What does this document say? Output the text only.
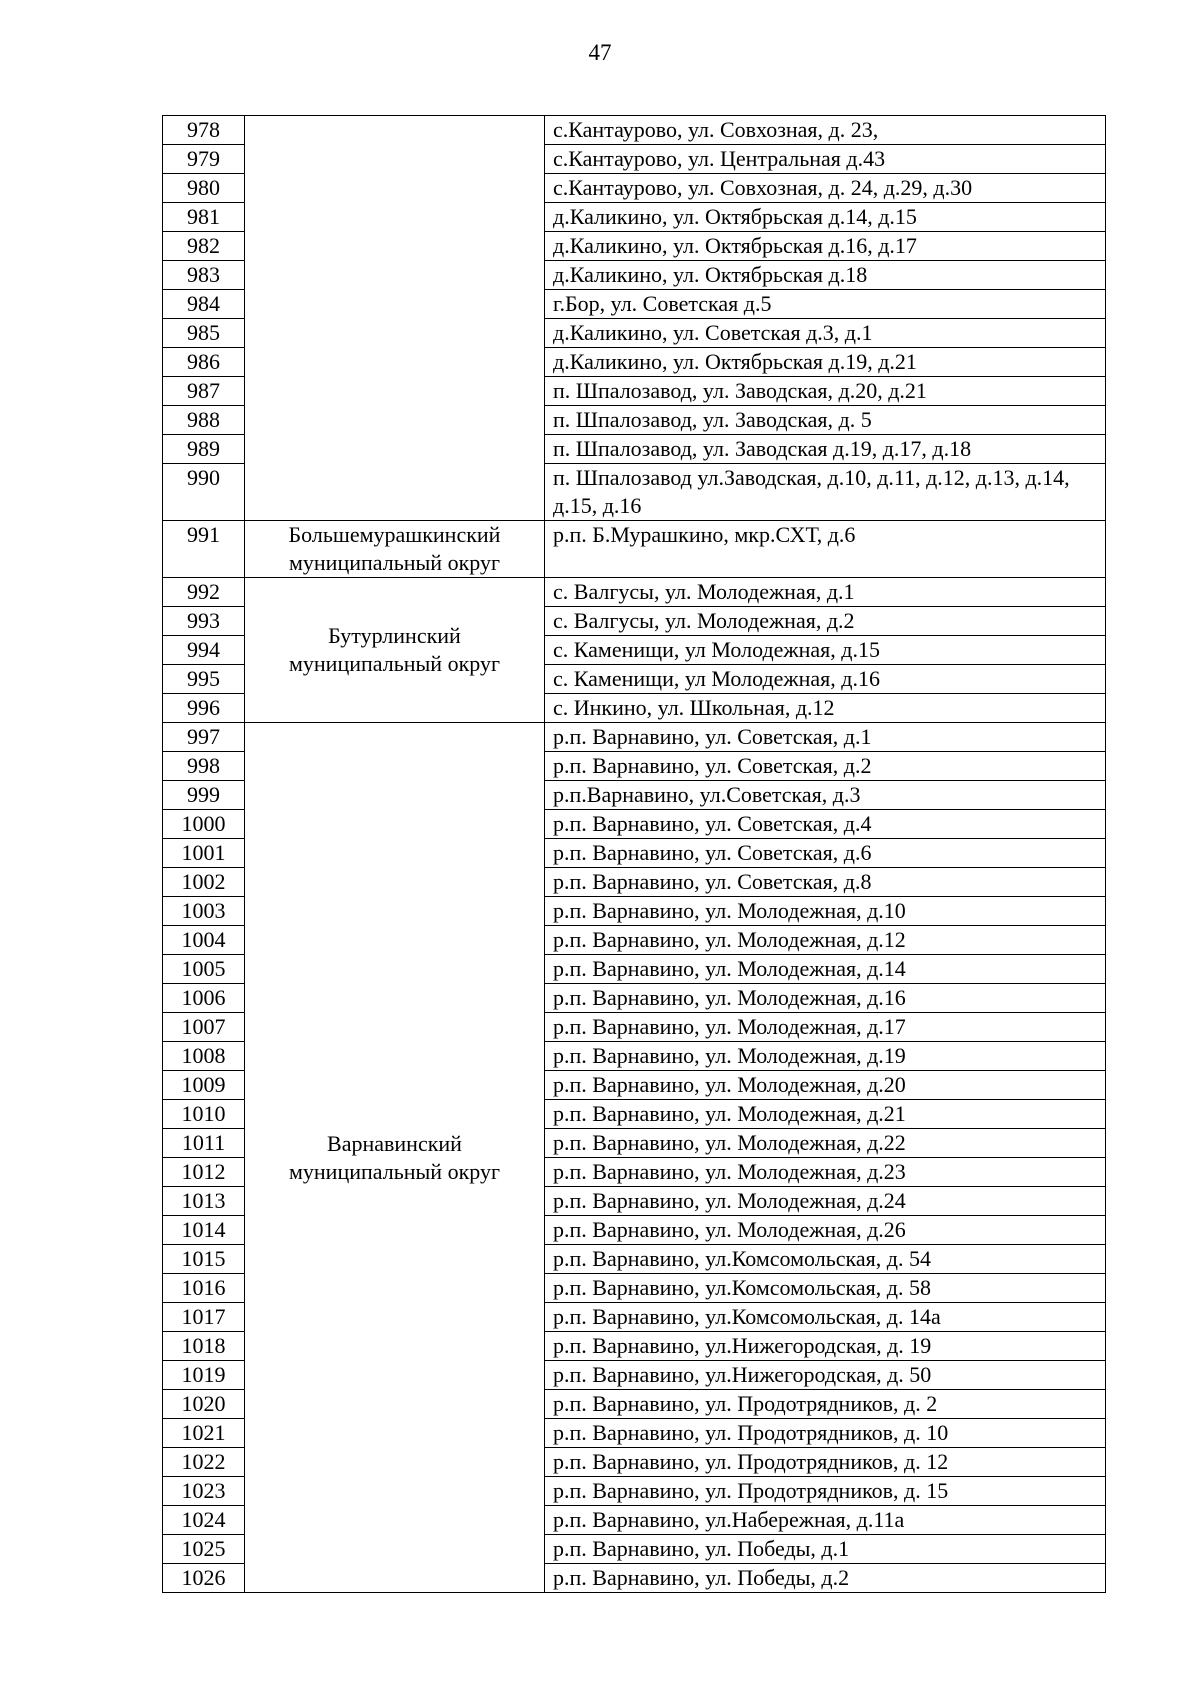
47
978		с.Кантаурово, ул. Совхозная, д. 23,
979		с.Кантаурово, ул. Центральная д.43
980		с.Кантаурово, ул. Совхозная, д. 24, д.29, д.30
981		д.Каликино, ул. Октябрьская д.14, д.15
982		д.Каликино, ул. Октябрьская д.16, д.17
983		д.Каликино, ул. Октябрьская д.18
984		г.Бор, ул. Советская д.5
985		д.Каликино, ул. Советская д.3, д.1
986		д.Каликино, ул. Октябрьская д.19, д.21
987		п. Шпалозавод, ул. Заводская, д.20, д.21
988		п. Шпалозавод, ул. Заводская, д. 5
989		п. Шпалозавод, ул. Заводская д.19, д.17, д.18
990		п. Шпалозавод ул.Заводская, д.10, д.11, д.12, д.13, д.14, д.15, д.16
991	Большемурашкинский муниципальный округ	р.п. Б.Мурашкино, мкр.СХТ, д.6
992	Бутурлинский муниципальный округ	с. Валгусы, ул. Молодежная, д.1
993		с. Валгусы, ул. Молодежная, д.2
994		с. Каменищи, ул Молодежная, д.15
995		с. Каменищи, ул Молодежная, д.16
996		с. Инкино, ул. Школьная, д.12
997	Варнавинский муниципальный округ	р.п. Варнавино, ул. Советская, д.1
998		р.п. Варнавино, ул. Советская, д.2
999		р.п.Варнавино, ул.Советская, д.3
1000		р.п. Варнавино, ул. Советская, д.4
1001		р.п. Варнавино, ул. Советская, д.6
1002		р.п. Варнавино, ул. Советская, д.8
1003		р.п. Варнавино, ул. Молодежная, д.10
1004		р.п. Варнавино, ул. Молодежная, д.12
1005		р.п. Варнавино, ул. Молодежная, д.14
1006		р.п. Варнавино, ул. Молодежная, д.16
1007		р.п. Варнавино, ул. Молодежная, д.17
1008		р.п. Варнавино, ул. Молодежная, д.19
1009		р.п. Варнавино, ул. Молодежная, д.20
1010		р.п. Варнавино, ул. Молодежная, д.21
1011		р.п. Варнавино, ул. Молодежная, д.22
1012		р.п. Варнавино, ул. Молодежная, д.23
1013		р.п. Варнавино, ул. Молодежная, д.24
1014		р.п. Варнавино, ул. Молодежная, д.26
1015		р.п. Варнавино, ул.Комсомольская, д. 54
1016		р.п. Варнавино, ул.Комсомольская, д. 58
1017		р.п. Варнавино, ул.Комсомольская, д. 14а
1018		р.п. Варнавино, ул.Нижегородская, д. 19
1019		р.п. Варнавино, ул.Нижегородская, д. 50
1020		р.п. Варнавино, ул. Продотрядников, д. 2
1021		р.п. Варнавино, ул. Продотрядников, д. 10
1022		р.п. Варнавино, ул. Продотрядников, д. 12
1023		р.п. Варнавино, ул. Продотрядников, д. 15
1024		р.п. Варнавино, ул.Набережная, д.11а
1025		р.п. Варнавино, ул. Победы, д.1
1026		р.п. Варнавино, ул. Победы, д.2
